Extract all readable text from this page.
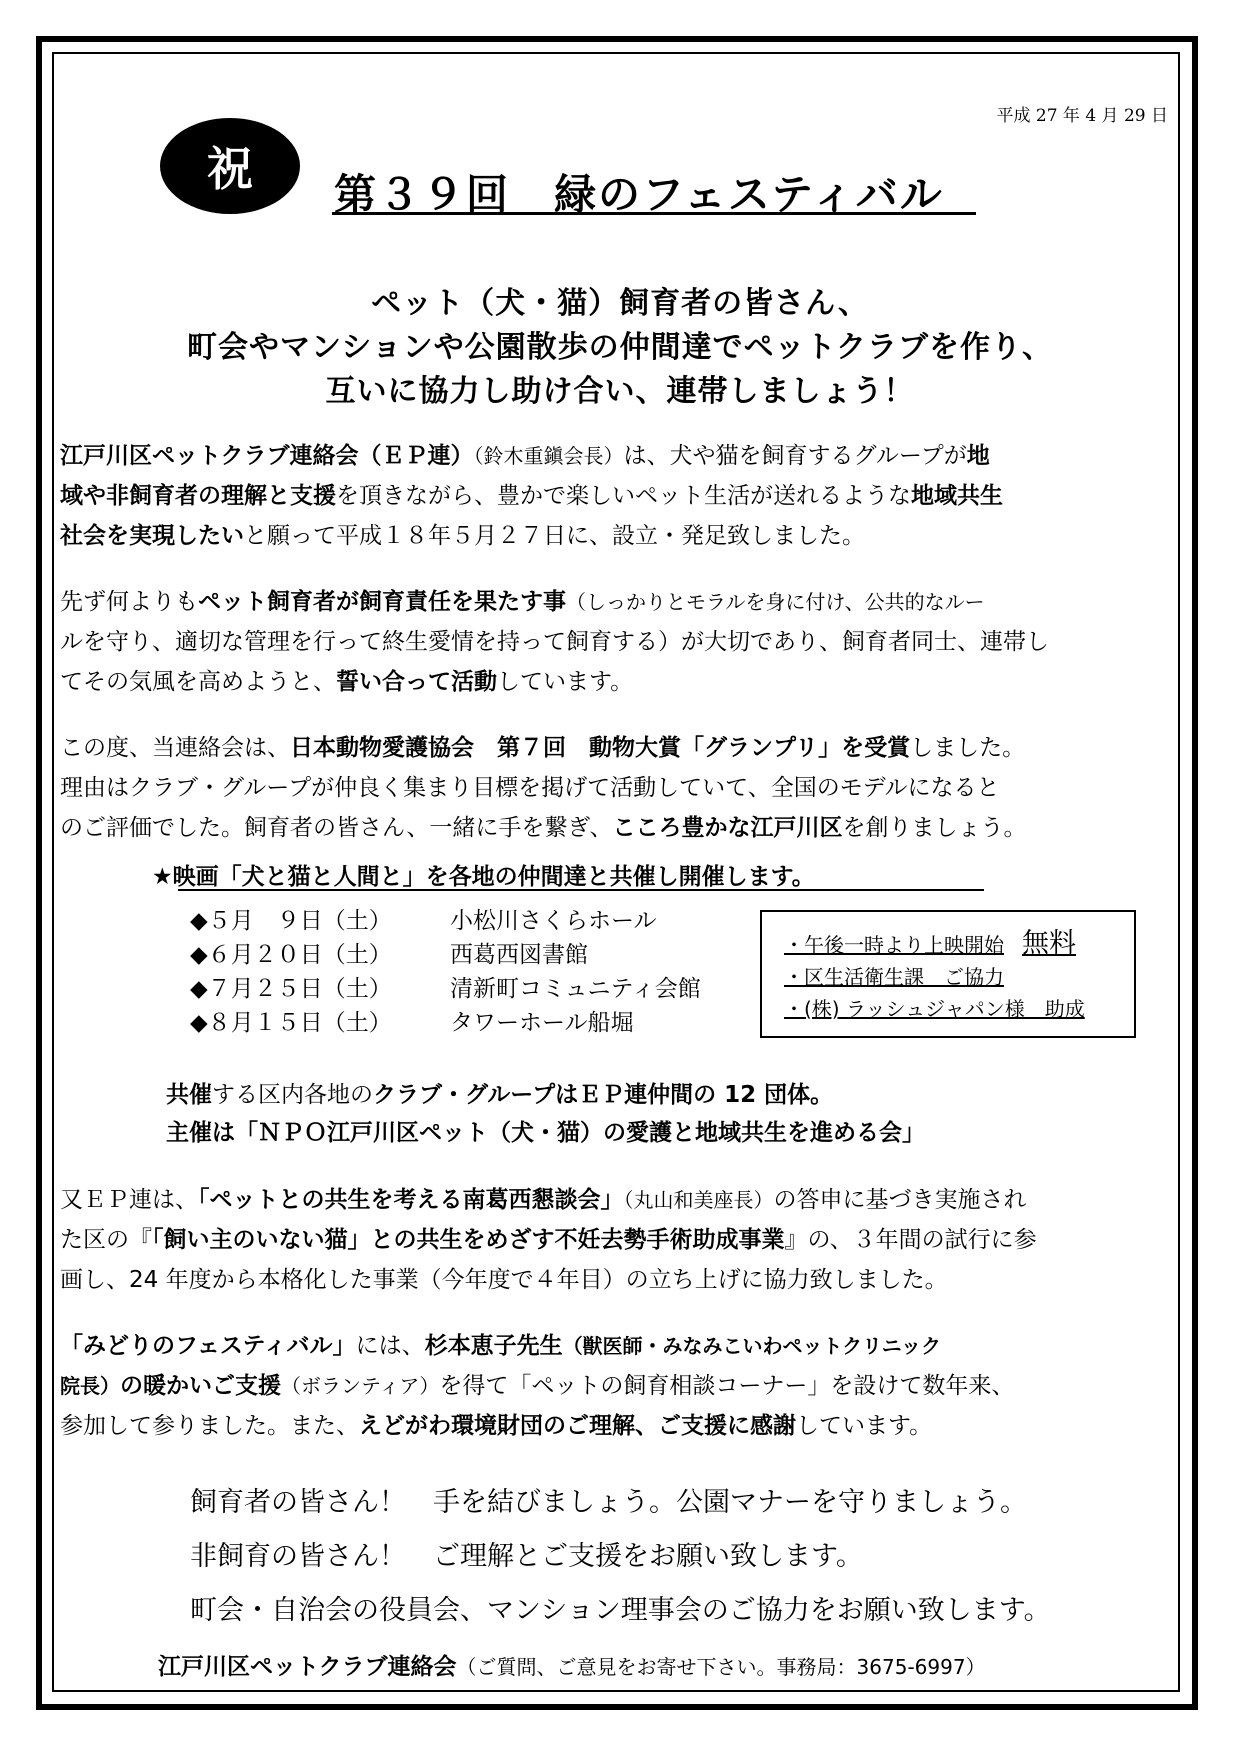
平成 27 年 4 月 29 日
祝	第３９回　緑のフェスティバル
ペット（犬・猫）飼育者の皆さん、
町会やマンションや公園散歩の仲間達でペットクラブを作り、
互いに協力し助け合い、連帯しましょう！
江戸川区ペットクラブ連絡会（ＥＰ連）（鈴木重鎭会長）は、犬や猫を飼育するグループが地
域や非飼育者の理解と支援を頂きながら、豊かで楽しいペット生活が送れるような地域共生
社会を実現したいと願って平成１８年５月２７日に、設立・発足致しました。
先ず何よりもペット飼育者が飼育責任を果たす事（しっかりとモラルを身に付け、公共的なルー
ルを守り、適切な管理を行って終生愛情を持って飼育する）が大切であり、飼育者同士、連帯し
てその気風を高めようと、誓い合って活動しています。
この度、当連絡会は、日本動物愛護協会　第７回　動物大賞「グランプリ」を受賞しました。
理由はクラブ・グループが仲良く集まり目標を掲げて活動していて、全国のモデルになると
のご評価でした。飼育者の皆さん、一緒に手を繋ぎ、こころ豊かな江戸川区を創りましょう。
★映画「犬と猫と人間と」を各地の仲間達と共催し開催します。
◆５月　９日（土）	小松川さくらホール
◆６月２０日（土）	西葛西図書館
◆７月２５日（土）	清新町コミュニティ会館
◆８月１５日（土）	タワーホール船堀
・午後一時より上映開始 無料
・区生活衛生課　ご協力
・(株) ラッシュジャパン様　助成
共催する区内各地のクラブ・グループはＥＰ連仲間の 12 団体。
主催は「ＮＰＯ江戸川区ペット（犬・猫）の愛護と地域共生を進める会」
又ＥＰ連は、「ペットとの共生を考える南葛西懇談会」（丸山和美座長）の答申に基づき実施され
た区の『「飼い主のいない猫」との共生をめざす不妊去勢手術助成事業』の、３年間の試行に参
画し、24 年度から本格化した事業（今年度で４年目）の立ち上げに協力致しました。
「みどりのフェスティバル」には、杉本恵子先生（獣医師・みなみこいわペットクリニック
院長）の暖かいご支援（ボランティア）を得て「ペットの飼育相談コーナー」を設けて数年来、
参加して参りました。また、えどがわ環境財団のご理解、ご支援に感謝しています。
飼育者の皆さん！　手を結びましょう。公園マナーを守りましょう。
非飼育の皆さん！　ご理解とご支援をお願い致します。
町会・自治会の役員会、マンション理事会のご協力をお願い致します。
江戸川区ペットクラブ連絡会（ご質問、ご意見をお寄せ下さい。事務局：3675-6997）
